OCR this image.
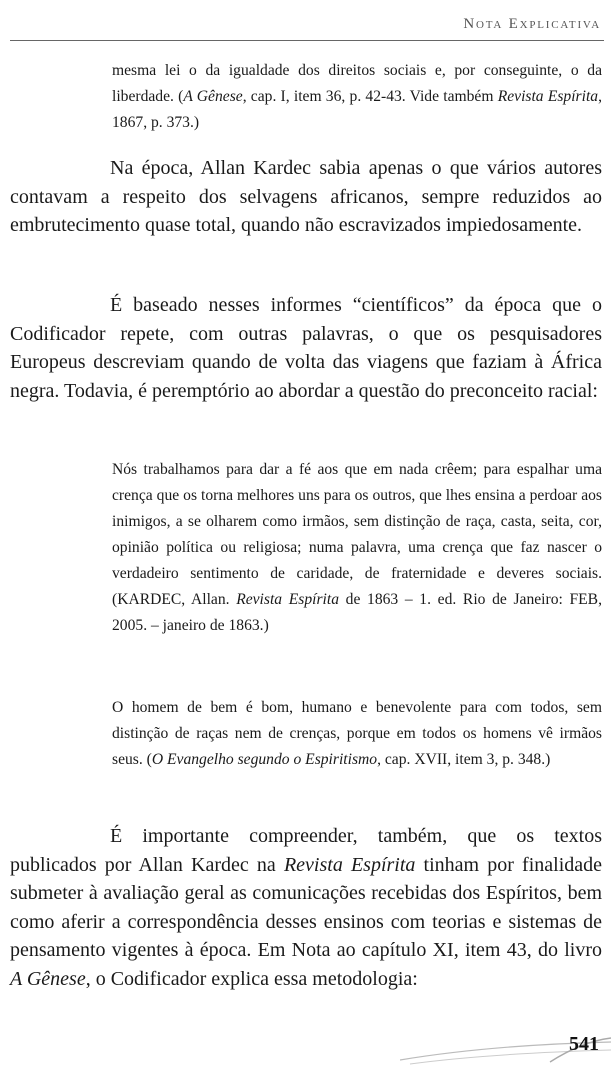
Nota Explicativa

mesma lei o da igualdade dos direitos sociais e, por conseguinte, o da liberdade. (A Gênese, cap. I, item 36, p. 42-43. Vide também Revista Espírita, 1867, p. 373.)

Na época, Allan Kardec sabia apenas o que vários autores contavam a respeito dos selvagens africanos, sempre reduzidos ao embrutecimento quase total, quando não escravizados impiedosamente.

É baseado nesses informes “científicos” da época que o Codificador repete, com outras palavras, o que os pesquisadores Europeus descreviam quando de volta das viagens que faziam à África negra. Todavia, é peremptório ao abordar a questão do preconceito racial:

Nós trabalhamos para dar a fé aos que em nada crêem; para espalhar uma crença que os torna melhores uns para os outros, que lhes ensina a perdoar aos inimigos, a se olharem como irmãos, sem distinção de raça, casta, seita, cor, opinião política ou religiosa; numa palavra, uma crença que faz nascer o verdadeiro sentimento de caridade, de fraternidade e deveres sociais. (KARDEC, Allan. Revista Espírita de 1863 – 1. ed. Rio de Janeiro: FEB, 2005. – janeiro de 1863.)

O homem de bem é bom, humano e benevolente para com todos, sem distinção de raças nem de crenças, porque em todos os homens vê irmãos seus. (O Evangelho segundo o Espiritismo, cap. XVII, item 3, p. 348.)

É importante compreender, também, que os textos publicados por Allan Kardec na Revista Espírita tinham por finalidade submeter à avaliação geral as comunicações recebidas dos Espíritos, bem como aferir a correspondência desses ensinos com teorias e sistemas de pensamento vigentes à época. Em Nota ao capítulo XI, item 43, do livro A Gênese, o Codificador explica essa metodologia:

541
